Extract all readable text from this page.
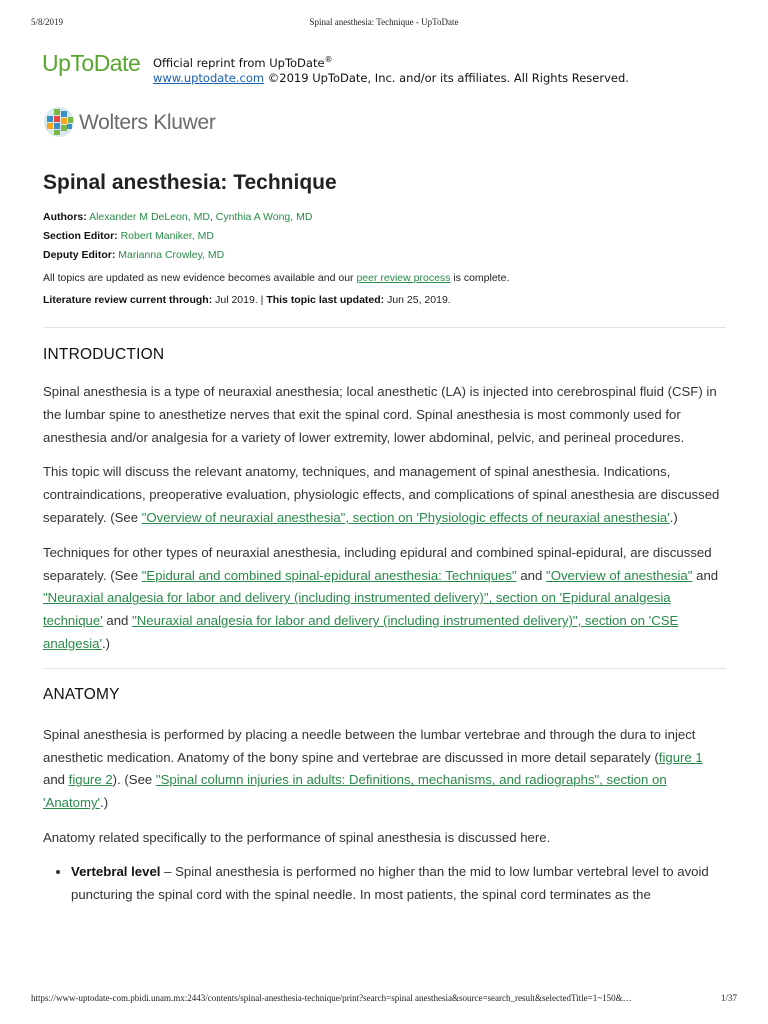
5/8/2019	Spinal anesthesia: Technique - UpToDate
UpToDate Official reprint from UpToDate®
www.uptodate.com ©2019 UpToDate, Inc. and/or its affiliates. All Rights Reserved.
Wolters Kluwer
Spinal anesthesia: Technique
Authors: Alexander M DeLeon, MD, Cynthia A Wong, MD
Section Editor: Robert Maniker, MD
Deputy Editor: Marianna Crowley, MD
All topics are updated as new evidence becomes available and our peer review process is complete.
Literature review current through: Jul 2019. | This topic last updated: Jun 25, 2019.
INTRODUCTION

Spinal anesthesia is a type of neuraxial anesthesia; local anesthetic (LA) is injected into cerebrospinal fluid (CSF) in the lumbar spine to anesthetize nerves that exit the spinal cord. Spinal anesthesia is most commonly used for anesthesia and/or analgesia for a variety of lower extremity, lower abdominal, pelvic, and perineal procedures.

This topic will discuss the relevant anatomy, techniques, and management of spinal anesthesia. Indications, contraindications, preoperative evaluation, physiologic effects, and complications of spinal anesthesia are discussed separately. (See "Overview of neuraxial anesthesia", section on 'Physiologic effects of neuraxial anesthesia'.)

Techniques for other types of neuraxial anesthesia, including epidural and combined spinal-epidural, are discussed separately. (See "Epidural and combined spinal-epidural anesthesia: Techniques" and "Overview of anesthesia" and "Neuraxial analgesia for labor and delivery (including instrumented delivery)", section on 'Epidural analgesia technique' and "Neuraxial analgesia for labor and delivery (including instrumented delivery)", section on 'CSE analgesia'.)

ANATOMY

Spinal anesthesia is performed by placing a needle between the lumbar vertebrae and through the dura to inject anesthetic medication. Anatomy of the bony spine and vertebrae are discussed in more detail separately (figure 1 and figure 2). (See "Spinal column injuries in adults: Definitions, mechanisms, and radiographs", section on 'Anatomy'.)

Anatomy related specifically to the performance of spinal anesthesia is discussed here.

• Vertebral level – Spinal anesthesia is performed no higher than the mid to low lumbar vertebral level to avoid puncturing the spinal cord with the spinal needle. In most patients, the spinal cord terminates as the
https://www-uptodate-com.pbidi.unam.mx:2443/contents/spinal-anesthesia-technique/print?search=spinal anesthesia&source=search_result&selectedTitle=1~150&…	1/37
